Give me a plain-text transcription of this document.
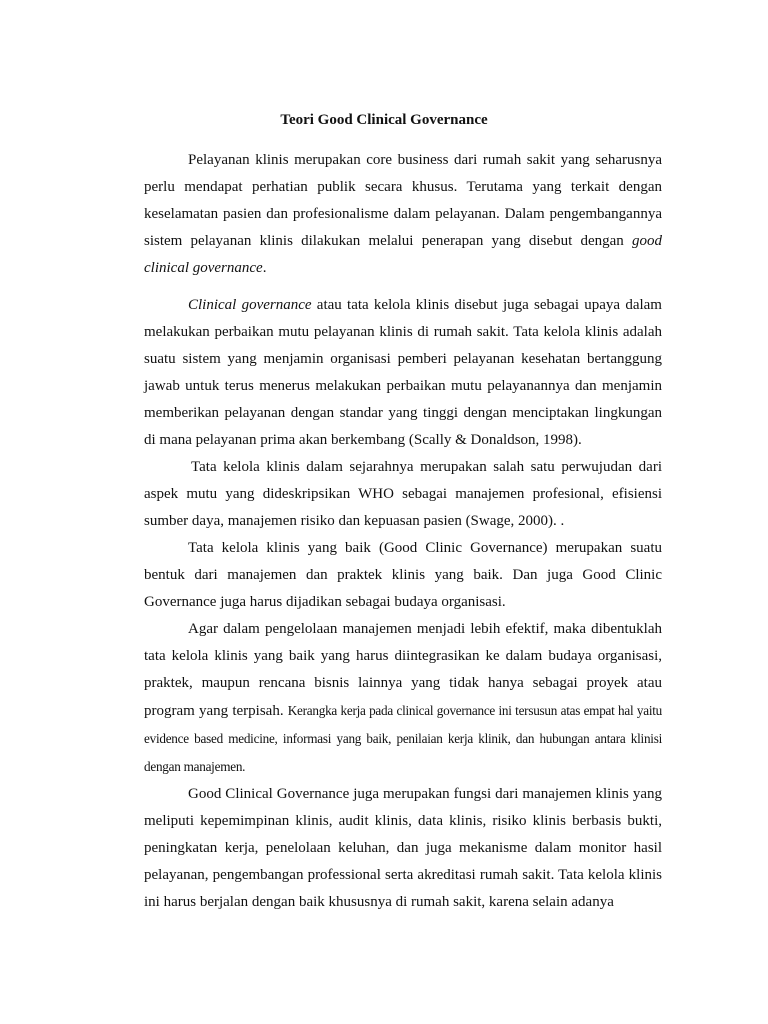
Teori Good Clinical Governance

Pelayanan klinis merupakan core business dari rumah sakit yang seharusnya perlu mendapat perhatian publik secara khusus. Terutama yang terkait dengan keselamatan pasien dan profesionalisme dalam pelayanan. Dalam pengembangannya sistem pelayanan klinis dilakukan melalui penerapan yang disebut dengan good clinical governance.

Clinical governance atau tata kelola klinis disebut juga sebagai upaya dalam melakukan perbaikan mutu pelayanan klinis di rumah sakit. Tata kelola klinis adalah suatu sistem yang menjamin organisasi pemberi pelayanan kesehatan bertanggung jawab untuk terus menerus melakukan perbaikan mutu pelayanannya dan menjamin memberikan pelayanan dengan standar yang tinggi dengan menciptakan lingkungan di mana pelayanan prima akan berkembang (Scally & Donaldson, 1998).

Tata kelola klinis dalam sejarahnya merupakan salah satu perwujudan dari aspek mutu yang dideskripsikan WHO sebagai manajemen profesional, efisiensi sumber daya, manajemen risiko dan kepuasan pasien (Swage, 2000). .

Tata kelola klinis yang baik (Good Clinic Governance) merupakan suatu bentuk dari manajemen dan praktek klinis yang baik. Dan juga Good Clinic Governance juga harus dijadikan sebagai budaya organisasi.

Agar dalam pengelolaan manajemen menjadi lebih efektif, maka dibentuklah tata kelola klinis yang baik yang harus diintegrasikan ke dalam budaya organisasi, praktek, maupun rencana bisnis lainnya yang tidak hanya sebagai proyek atau program yang terpisah. Kerangka kerja pada clinical governance ini tersusun atas empat hal yaitu evidence based medicine, informasi yang baik, penilaian kerja klinik, dan hubungan antara klinisi dengan manajemen.

Good Clinical Governance juga merupakan fungsi dari manajemen klinis yang meliputi kepemimpinan klinis, audit klinis, data klinis, risiko klinis berbasis bukti, peningkatan kerja, penelolaan keluhan, dan juga mekanisme dalam monitor hasil pelayanan, pengembangan professional serta akreditasi rumah sakit. Tata kelola klinis ini harus berjalan dengan baik khususnya di rumah sakit, karena selain adanya
